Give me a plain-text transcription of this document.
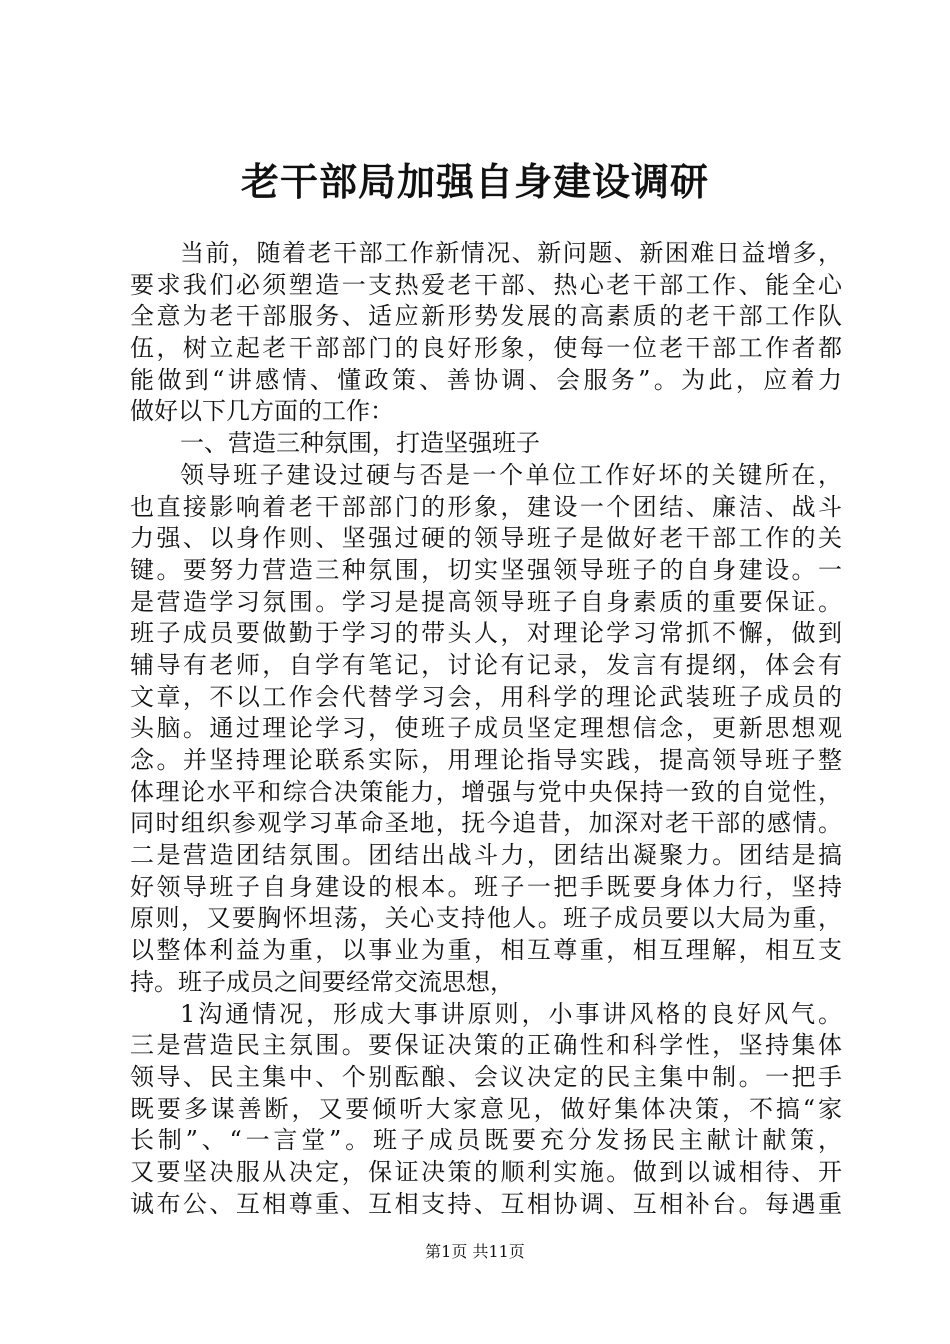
老干部局加强自身建设调研
当前，随着老干部工作新情况、新问题、新困难日益增多，
要求我们必须塑造一支热爱老干部、热心老干部工作、能全心
全意为老干部服务、适应新形势发展的高素质的老干部工作队
伍，树立起老干部部门的良好形象，使每一位老干部工作者都
能做到“讲感情、懂政策、善协调、会服务”。为此，应着力
做好以下几方面的工作：
一、营造三种氛围，打造坚强班子
领导班子建设过硬与否是一个单位工作好坏的关键所在，
也直接影响着老干部部门的形象，建设一个团结、廉洁、战斗
力强、以身作则、坚强过硬的领导班子是做好老干部工作的关
键。要努力营造三种氛围，切实坚强领导班子的自身建设。一
是营造学习氛围。学习是提高领导班子自身素质的重要保证。
班子成员要做勤于学习的带头人，对理论学习常抓不懈，做到
辅导有老师，自学有笔记，讨论有记录，发言有提纲，体会有
文章，不以工作会代替学习会，用科学的理论武装班子成员的
头脑。通过理论学习，使班子成员坚定理想信念，更新思想观
念。并坚持理论联系实际，用理论指导实践，提高领导班子整
体理论水平和综合决策能力，增强与党中央保持一致的自觉性，
同时组织参观学习革命圣地，抚今追昔，加深对老干部的感情。
二是营造团结氛围。团结出战斗力，团结出凝聚力。团结是搞
好领导班子自身建设的根本。班子一把手既要身体力行，坚持
原则，又要胸怀坦荡，关心支持他人。班子成员要以大局为重，
以整体利益为重，以事业为重，相互尊重，相互理解，相互支
持。班子成员之间要经常交流思想，
1沟通情况，形成大事讲原则，小事讲风格的良好风气。
三是营造民主氛围。要保证决策的正确性和科学性，坚持集体
领导、民主集中、个别酝酿、会议决定的民主集中制。一把手
既要多谋善断，又要倾听大家意见，做好集体决策，不搞“家
长制”、“一言堂”。班子成员既要充分发扬民主献计献策，
又要坚决服从决定，保证决策的顺利实施。做到以诚相待、开
诚布公、互相尊重、互相支持、互相协调、互相补台。每遇重
第1页 共11页
